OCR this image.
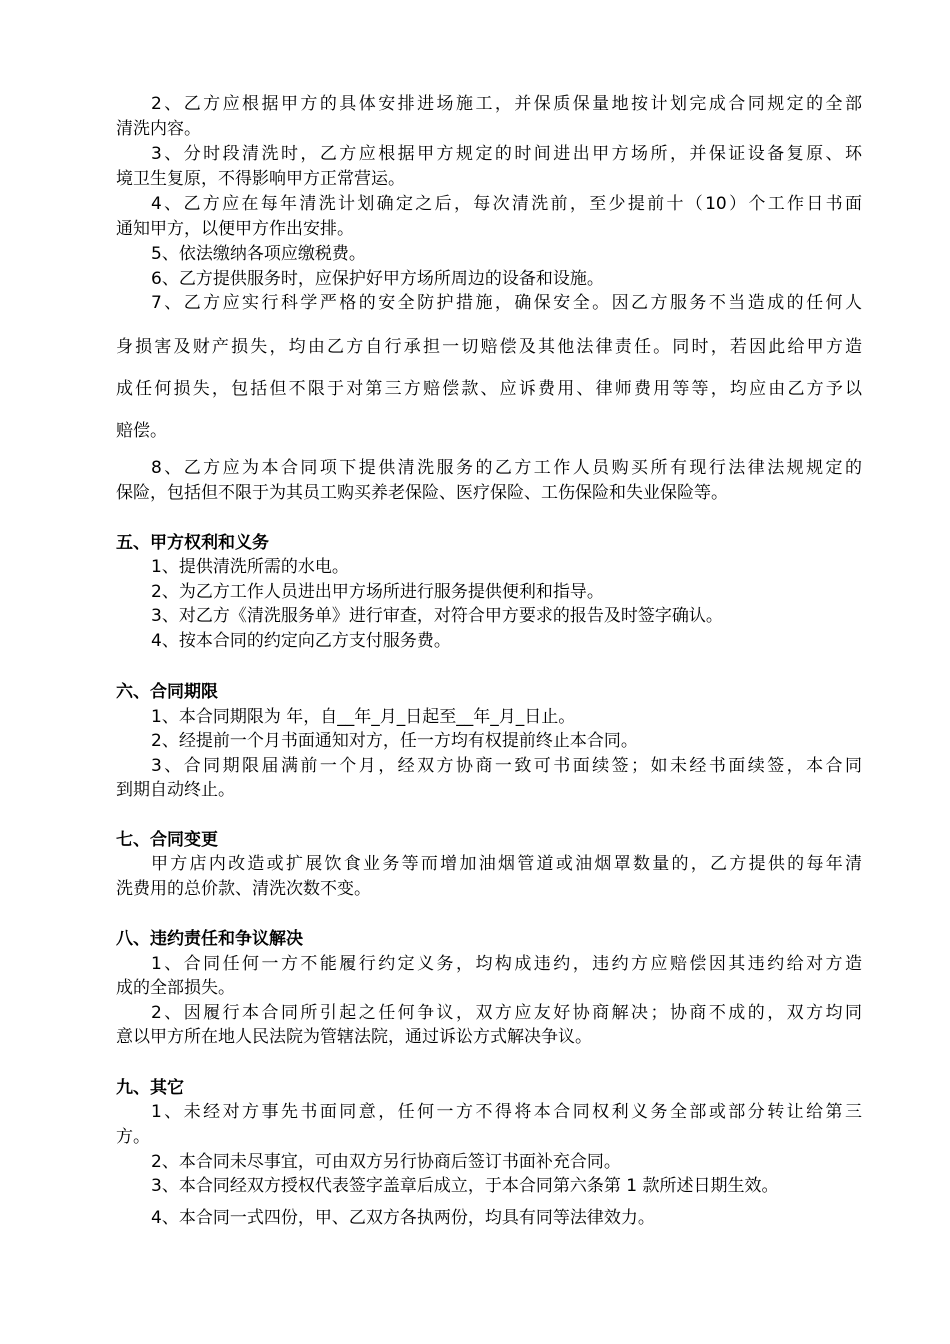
2、乙方应根据甲方的具体安排进场施工，并保质保量地按计划完成合同规定的全部

清洗内容。

3、分时段清洗时，乙方应根据甲方规定的时间进出甲方场所，并保证设备复原、环

境卫生复原，不得影响甲方正常营运。

4、乙方应在每年清洗计划确定之后，每次清洗前，至少提前十（10）个工作日书面

通知甲方，以便甲方作出安排。

5、依法缴纳各项应缴税费。

6、乙方提供服务时，应保护好甲方场所周边的设备和设施。

7、乙方应实行科学严格的安全防护措施，确保安全。因乙方服务不当造成的任何人

身损害及财产损失，均由乙方自行承担一切赔偿及其他法律责任。同时，若因此给甲方造

成任何损失，包括但不限于对第三方赔偿款、应诉费用、律师费用等等，均应由乙方予以

赔偿。

8、乙方应为本合同项下提供清洗服务的乙方工作人员购买所有现行法律法规规定的

保险，包括但不限于为其员工购买养老保险、医疗保险、工伤保险和失业保险等。

五、甲方权利和义务

1、提供清洗所需的水电。

2、为乙方工作人员进出甲方场所进行服务提供便利和指导。

3、对乙方《清洗服务单》进行审查，对符合甲方要求的报告及时签字确认。

4、按本合同的约定向乙方支付服务费。

六、合同期限

1、本合同期限为 年，自__年_月_日起至__年_月_日止。

2、经提前一个月书面通知对方，任一方均有权提前终止本合同。

3、合同期限届满前一个月，经双方协商一致可书面续签；如未经书面续签，本合同

到期自动终止。

七、合同变更

甲方店内改造或扩展饮食业务等而增加油烟管道或油烟罩数量的，乙方提供的每年清

洗费用的总价款、清洗次数不变。

八、违约责任和争议解决

1、合同任何一方不能履行约定义务，均构成违约，违约方应赔偿因其违约给对方造

成的全部损失。

2、因履行本合同所引起之任何争议，双方应友好协商解决；协商不成的，双方均同

意以甲方所在地人民法院为管辖法院，通过诉讼方式解决争议。

九、其它

1、未经对方事先书面同意，任何一方不得将本合同权利义务全部或部分转让给第三

方。

2、本合同未尽事宜，可由双方另行协商后签订书面补充合同。

3、本合同经双方授权代表签字盖章后成立，于本合同第六条第 1 款所述日期生效。

4、本合同一式四份，甲、乙双方各执两份，均具有同等法律效力。
